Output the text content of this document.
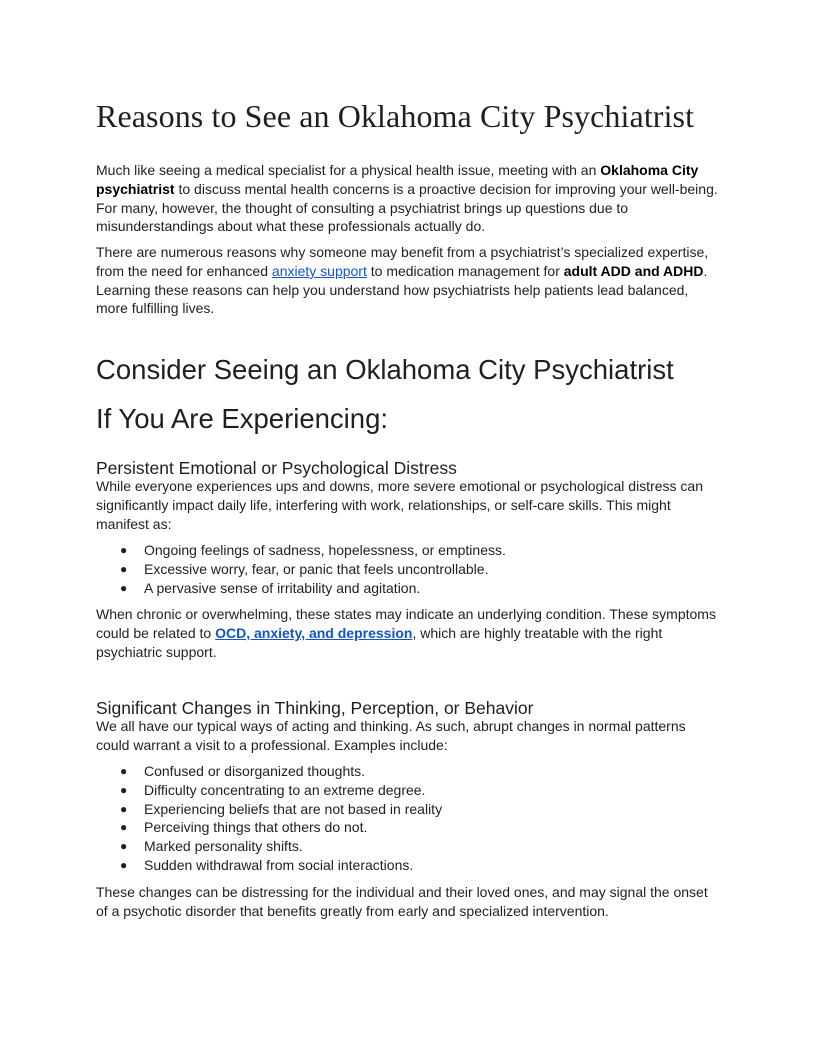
Reasons to See an Oklahoma City Psychiatrist

Much like seeing a medical specialist for a physical health issue, meeting with an Oklahoma City psychiatrist to discuss mental health concerns is a proactive decision for improving your well-being. For many, however, the thought of consulting a psychiatrist brings up questions due to misunderstandings about what these professionals actually do.

There are numerous reasons why someone may benefit from a psychiatrist’s specialized expertise, from the need for enhanced anxiety support to medication management for adult ADD and ADHD. Learning these reasons can help you understand how psychiatrists help patients lead balanced, more fulfilling lives.

Consider Seeing an Oklahoma City Psychiatrist
If You Are Experiencing:
Persistent Emotional or Psychological Distress

While everyone experiences ups and downs, more severe emotional or psychological distress can significantly impact daily life, interfering with work, relationships, or self-care skills. This might manifest as:

● Ongoing feelings of sadness, hopelessness, or emptiness.
● Excessive worry, fear, or panic that feels uncontrollable.
● A pervasive sense of irritability and agitation.

When chronic or overwhelming, these states may indicate an underlying condition. These symptoms could be related to OCD, anxiety, and depression, which are highly treatable with the right psychiatric support.

Significant Changes in Thinking, Perception, or Behavior

We all have our typical ways of acting and thinking. As such, abrupt changes in normal patterns could warrant a visit to a professional. Examples include:

● Confused or disorganized thoughts.
● Difficulty concentrating to an extreme degree.
● Experiencing beliefs that are not based in reality
● Perceiving things that others do not.
● Marked personality shifts.
● Sudden withdrawal from social interactions.

These changes can be distressing for the individual and their loved ones, and may signal the onset of a psychotic disorder that benefits greatly from early and specialized intervention.
